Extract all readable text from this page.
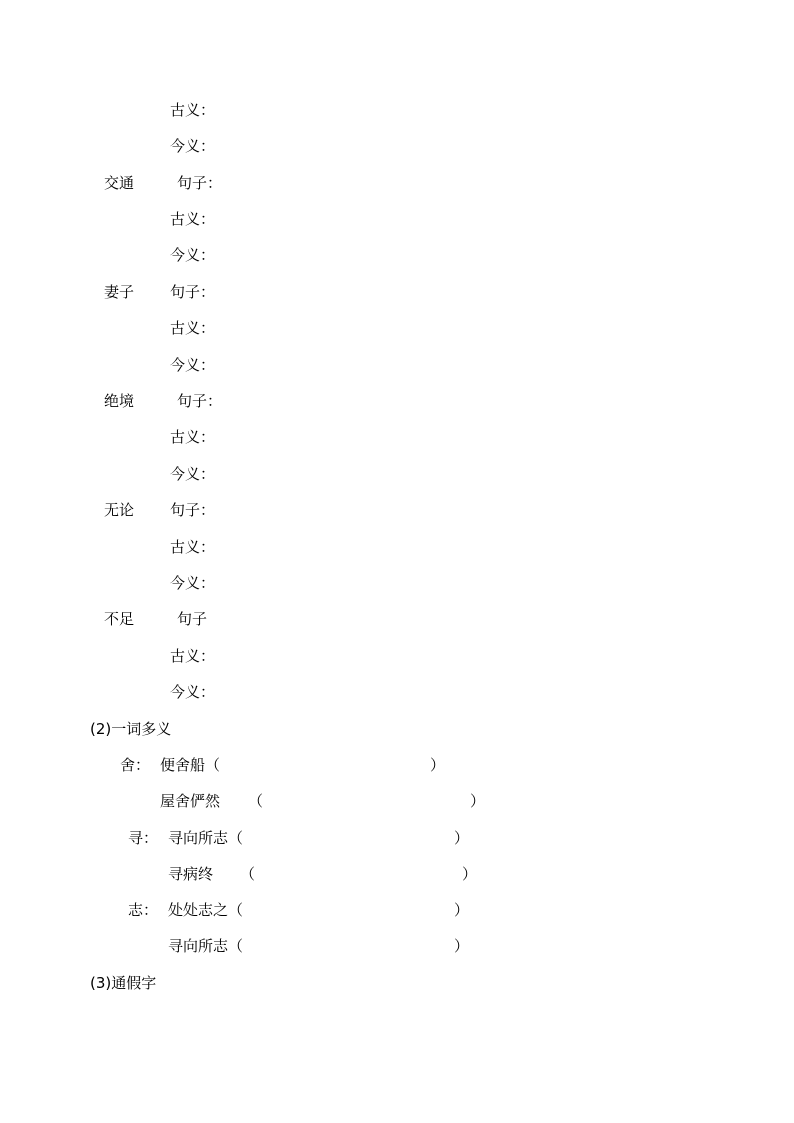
古义：
今义：
交通	句子：
古义：
今义：
妻子 句子：
古义：
今义：
绝境	句子：
古义：
今义：
无论 句子：
古义：
今义：
不足	句子
古义：
今义：
(2)一词多义
舍： 便舍船（	）
屋舍俨然 （	）
寻： 寻向所志（	）
寻病终 （	）
志： 处处志之（	）
寻向所志（	）
(3)通假字
